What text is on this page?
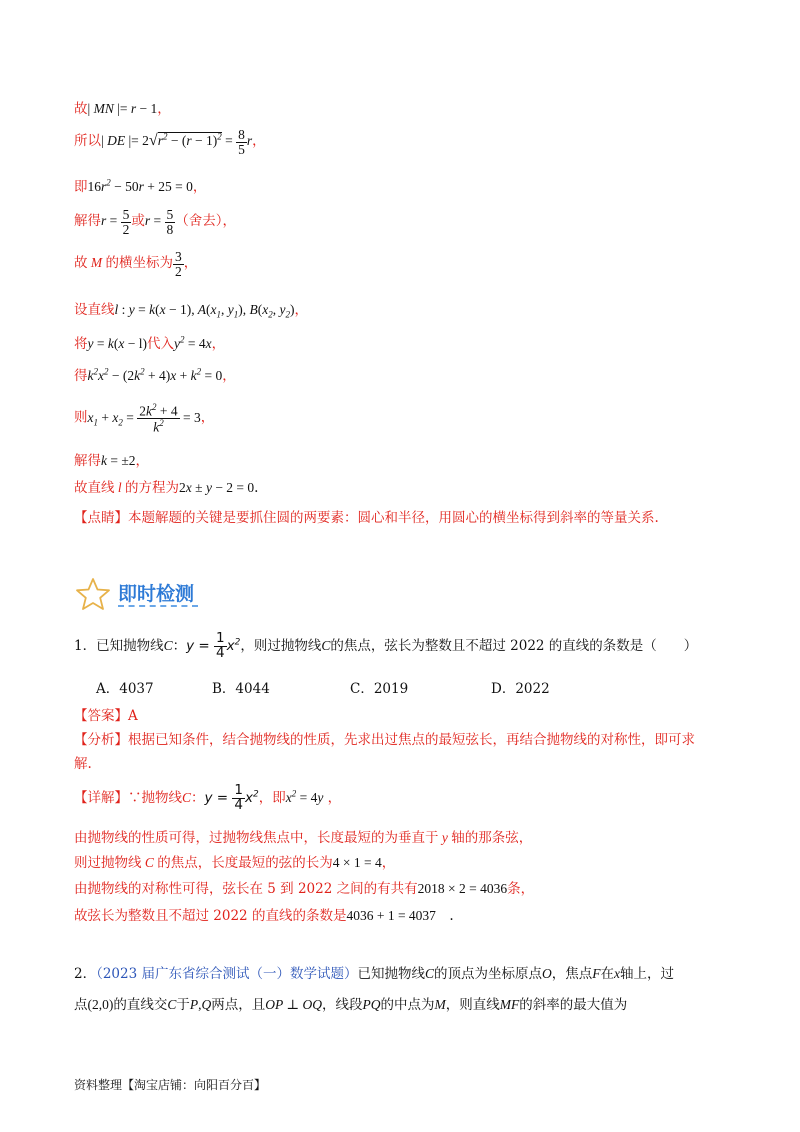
故| MN |= r − 1，
所以| DE |= $2√r^2 - (r - 1)^2 = \frac{8}{5}$ r，
即$16r^2 - 50r + 25 = 0$，
解得$r = \frac{5}{2}$ 或$r = \frac{5}{8}$ （舍去），
故 M 的横坐标为 $\frac{3}{2}$ ，
设直线l : y = k(x − 1), $A(x_1$, $y_1$), $B(x_2$, $y_2$)，
将y = k(x − l)代入$y^2 = 4x$，
得$k^2x^2 - (2k^2 + 4)x + k^2 = 0$，
则$x_1 + x_2 = \frac{2k^2 + 4}{k^2} = 3$，
解得k = ±2，
故直线 l 的方程为2x ± y − 2 = 0.
【点睛】本题解题的关键是要抓住圆的两要素：圆心和半径，用圆心的横坐标得到斜率的等量关系.
即时检测
1．已知抛物线C：$y = \frac{1}{4} x^2$，则过抛物线C的焦点，弦长为整数且不超过 2022 的直线的条数是（　　）
A．4037	B．4044	C．2019	D．2022
【答案】A
【分析】根据已知条件，结合抛物线的性质，先求出过焦点的最短弦长，再结合抛物线的对称性，即可求
解.
【详解】∵抛物线C：$y = \frac{1}{4} x^2$，即$x^2 = 4y$ ，
由抛物线的性质可得，过抛物线焦点中，长度最短的为垂直于 y 轴的那条弦，
则过抛物线 C 的焦点，长度最短的弦的长为4 × 1 = 4，
由抛物线的对称性可得，弦长在 5 到 2022 之间的有共有2018 × 2 = 4036条，
故弦长为整数且不超过 2022 的直线的条数是4036 + 1 = 4037　.
2．（2023 届广东省综合测试（一）数学试题）已知抛物线C的顶点为坐标原点O，焦点F在x轴上，过
点(2,0)的直线交C于P,Q两点，且OP ⊥ OQ，线段PQ的中点为M，则直线MF的斜率的最大值为
资料整理【淘宝店铺：向阳百分百】
